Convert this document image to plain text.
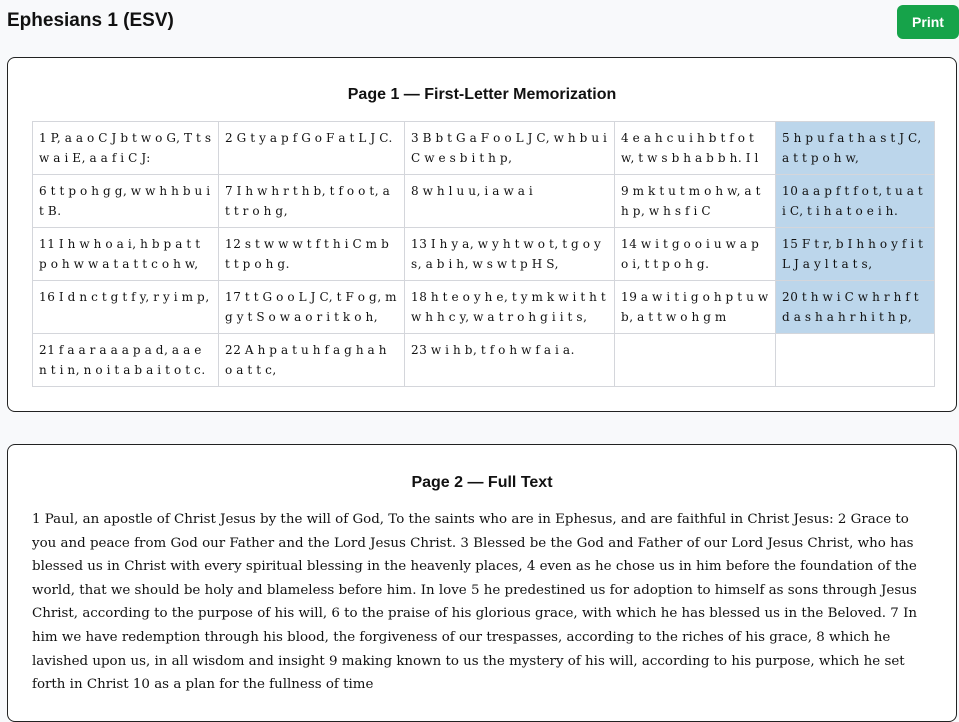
Ephesians 1 (ESV)	Print
Page 1 — First-Letter Memorization
1 P, a a o C J b t w o G, T t s w a i E, a a f i C J:	2 G t y a p f G o F a t L J C.	3 B b t G a F o o L J C, w h b u i C w e s b i t h p,	4 e a h c u i h b t f o t w, t w s b h a b b h. I l	5 h p u f a t h a s t J C, a t t p o h w,
6 t t p o h g g, w w h h b u i t B.	7 I h w h r t h b, t f o o t, a t t r o h g,	8 w h l u u, i a w a i	9 m k t u t m o h w, a t h p, w h s f i C	10 a a p f t f o t, t u a t i C, t i h a t o e i h.
11 I h w h o a i, h b p a t t p o h w w a t a t t c o h w,	12 s t w w w t f t h i C m b t t p o h g.	13 I h y a, w y h t w o t, t g o y s, a b i h, w s w t p H S,	14 w i t g o o i u w a p o i, t t p o h g.	15 F t r, b I h h o y f i t L J a y l t a t s,
16 I d n c t g t f y, r y i m p,	17 t t G o o L J C, t F o g, m g y t S o w a o r i t k o h,	18 h t e o y h e, t y m k w i t h t w h h c y, w a t r o h g i i t s,	19 a w i t i g o h p t u w b, a t t w o h g m	20 t h w i C w h r h f t d a s h a h r h i t h p,
21 f a a r a a a p a d, a a e n t i n, n o i t a b a i t o t c.	22 A h p a t u h f a g h a h o a t t c,	23 w i h b, t f o h w f a i a.		
Page 2 — Full Text

1 Paul, an apostle of Christ Jesus by the will of God, To the saints who are in Ephesus, and are faithful in Christ Jesus: 2 Grace to you and peace from God our Father and the Lord Jesus Christ. 3 Blessed be the God and Father of our Lord Jesus Christ, who has blessed us in Christ with every spiritual blessing in the heavenly places, 4 even as he chose us in him before the foundation of the world, that we should be holy and blameless before him. In love 5 he predestined us for adoption to himself as sons through Jesus Christ, according to the purpose of his will, 6 to the praise of his glorious grace, with which he has blessed us in the Beloved. 7 In him we have redemption through his blood, the forgiveness of our trespasses, according to the riches of his grace, 8 which he lavished upon us, in all wisdom and insight 9 making known to us the mystery of his will, according to his purpose, which he set forth in Christ 10 as a plan for the fullness of time
